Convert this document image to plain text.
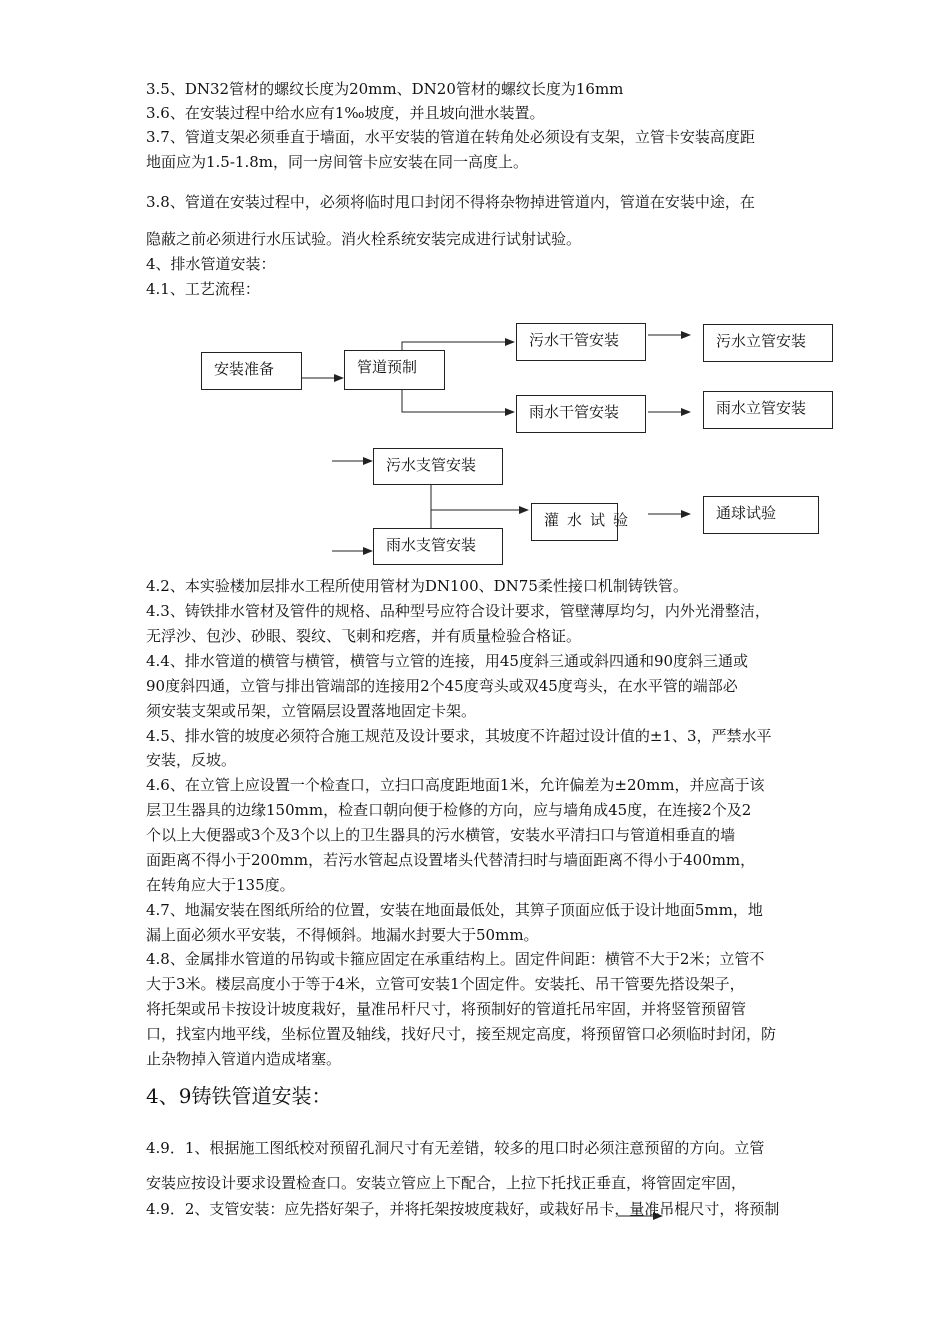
3.5、DN32管材的螺纹长度为20mm、DN20管材的螺纹长度为16mm
3.6、在安装过程中给水应有1‰坡度，并且坡向泄水装置。
3.7、管道支架必须垂直于墙面，水平安装的管道在转角处必须设有支架，立管卡安装高度距
地面应为1.5-1.8m，同一房间管卡应安装在同一高度上。
3.8、管道在安装过程中，必须将临时甩口封闭不得将杂物掉进管道内，管道在安装中途，在
隐蔽之前必须进行水压试验。消火栓系统安装完成进行试射试验。
4、排水管道安装：
4.1、工艺流程：
安装准备	管道预制
污水干管安装	污水立管安装
雨水干管安装	雨水立管安装
污水支管安装
雨水支管安装
灌水试验	通球试验
4.2、本实验楼加层排水工程所使用管材为DN100、DN75柔性接口机制铸铁管。
4.3、铸铁排水管材及管件的规格、品种型号应符合设计要求，管壁薄厚均匀，内外光滑整洁，
无浮沙、包沙、砂眼、裂纹、飞刺和疙瘩，并有质量检验合格证。
4.4、排水管道的横管与横管，横管与立管的连接，用45度斜三通或斜四通和90度斜三通或
90度斜四通，立管与排出管端部的连接用2个45度弯头或双45度弯头，在水平管的端部必
须安装支架或吊架，立管隔层设置落地固定卡架。
4.5、排水管的坡度必须符合施工规范及设计要求，其坡度不许超过设计值的±1、3，严禁水平
安装，反坡。
4.6、在立管上应设置一个检查口，立扫口高度距地面1米，允许偏差为±20mm，并应高于该
层卫生器具的边缘150mm，检查口朝向便于检修的方向，应与墙角成45度，在连接2个及2
个以上大便器或3个及3个以上的卫生器具的污水横管，安装水平清扫口与管道相垂直的墙
面距离不得小于200mm，若污水管起点设置堵头代替清扫时与墙面距离不得小于400mm，
在转角应大于135度。
4.7、地漏安装在图纸所给的位置，安装在地面最低处，其箅子顶面应低于设计地面5mm，地
漏上面必须水平安装，不得倾斜。地漏水封要大于50mm。
4.8、金属排水管道的吊钩或卡箍应固定在承重结构上。固定件间距：横管不大于2米；立管不
大于3米。楼层高度小于等于4米，立管可安装1个固定件。安装托、吊干管要先搭设架子，
将托架或吊卡按设计坡度栽好，量准吊杆尺寸，将预制好的管道托吊牢固，并将竖管预留管
口，找室内地平线，坐标位置及轴线，找好尺寸，接至规定高度，将预留管口必须临时封闭，防
止杂物掉入管道内造成堵塞。
4、9铸铁管道安装：
4.9．1、根据施工图纸校对预留孔洞尺寸有无差错，较多的甩口时必须注意预留的方向。立管
安装应按设计要求设置检查口。安装立管应上下配合，上拉下托找正垂直，将管固定牢固，
4.9．2、支管安装：应先搭好架子，并将托架按坡度栽好，或栽好吊卡，量准吊棍尺寸，将预制
